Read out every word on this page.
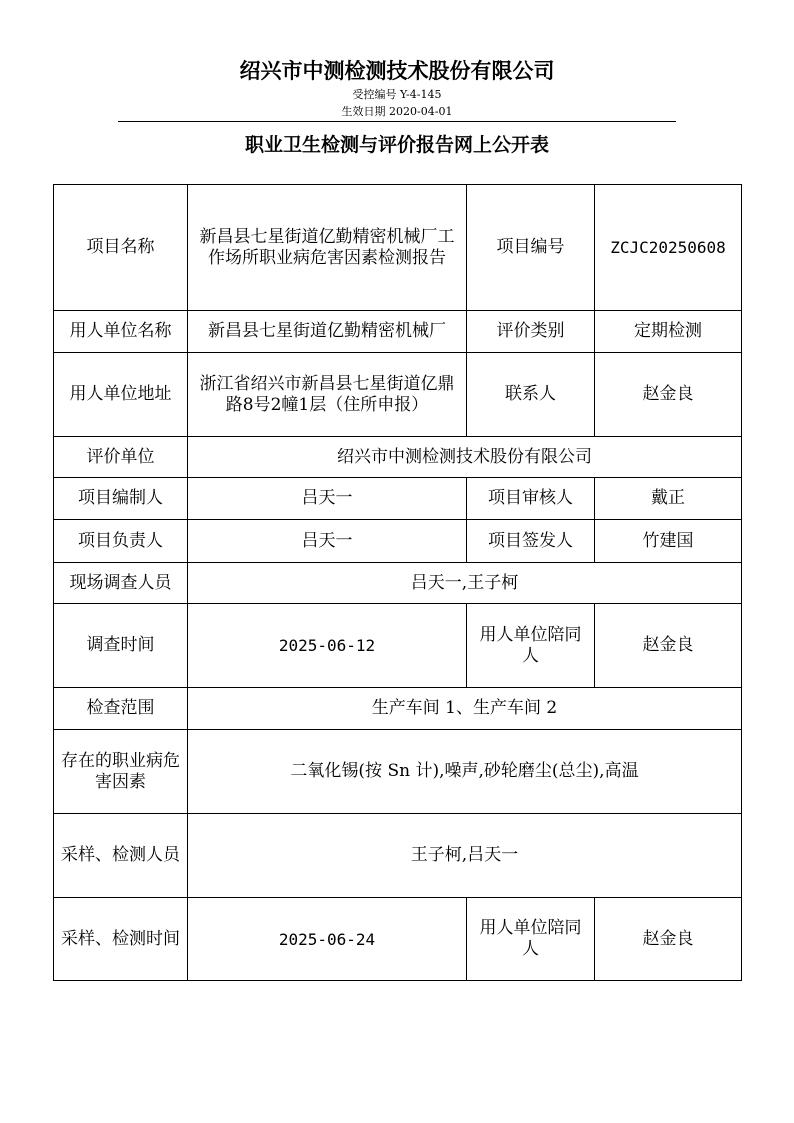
绍兴市中测检测技术股份有限公司
受控编号 Y-4-145
生效日期 2020-04-01
职业卫生检测与评价报告网上公开表
项目名称	新昌县七星街道亿勤精密机械厂工作场所职业病危害因素检测报告	项目编号	ZCJC20250608
用人单位名称	新昌县七星街道亿勤精密机械厂	评价类别	定期检测
用人单位地址	浙江省绍兴市新昌县七星街道亿鼎路8号2幢1层（住所申报）	联系人	赵金良
评价单位	绍兴市中测检测技术股份有限公司		
项目编制人	吕天一	项目审核人	戴正
项目负责人	吕天一	项目签发人	竹建国
现场调查人员	吕天一,王子柯		
调查时间	2025-06-12	用人单位陪同人	赵金良
检查范围	生产车间 1、生产车间 2		
存在的职业病危害因素	二氧化锡(按 Sn 计),噪声,砂轮磨尘(总尘),高温		
采样、检测人员	王子柯,吕天一		
采样、检测时间	2025-06-24	用人单位陪同人	赵金良
